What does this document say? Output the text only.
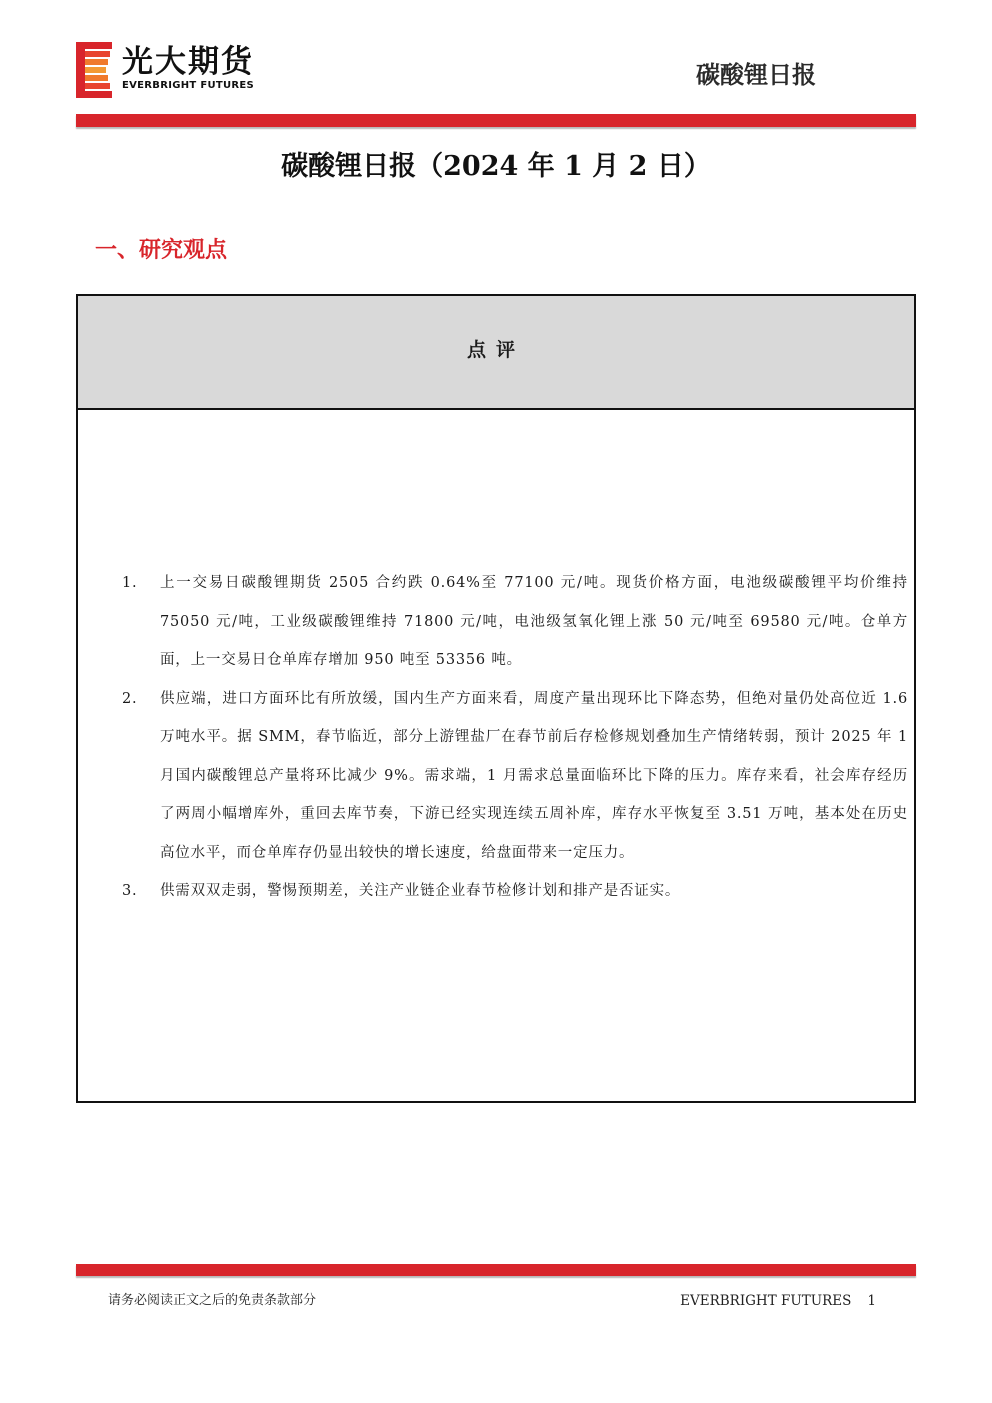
光大期货
EVERBRIGHT FUTURES	碳酸锂日报
碳酸锂日报（2024 年 1 月 2 日）
一、研究观点
点评
1. 上一交易日碳酸锂期货 2505 合约跌 0.64%至 77100 元/吨。现货价格方面，电池级碳酸锂平均价维持 75050 元/吨，工业级碳酸锂维持 71800 元/吨，电池级氢氧化锂上涨 50 元/吨至 69580 元/吨。仓单方面，上一交易日仓单库存增加 950 吨至 53356 吨。
2. 供应端，进口方面环比有所放缓，国内生产方面来看，周度产量出现环比下降态势，但绝对量仍处高位近 1.6 万吨水平。据 SMM，春节临近，部分上游锂盐厂在春节前后存检修规划叠加生产情绪转弱，预计 2025 年 1 月国内碳酸锂总产量将环比减少 9%。需求端，1 月需求总量面临环比下降的压力。库存来看，社会库存经历了两周小幅增库外，重回去库节奏，下游已经实现连续五周补库，库存水平恢复至 3.51 万吨，基本处在历史高位水平，而仓单库存仍显出较快的增长速度，给盘面带来一定压力。
3. 供需双双走弱，警惕预期差，关注产业链企业春节检修计划和排产是否证实。
请务必阅读正文之后的免责条款部分	EVERBRIGHT FUTURES 1
